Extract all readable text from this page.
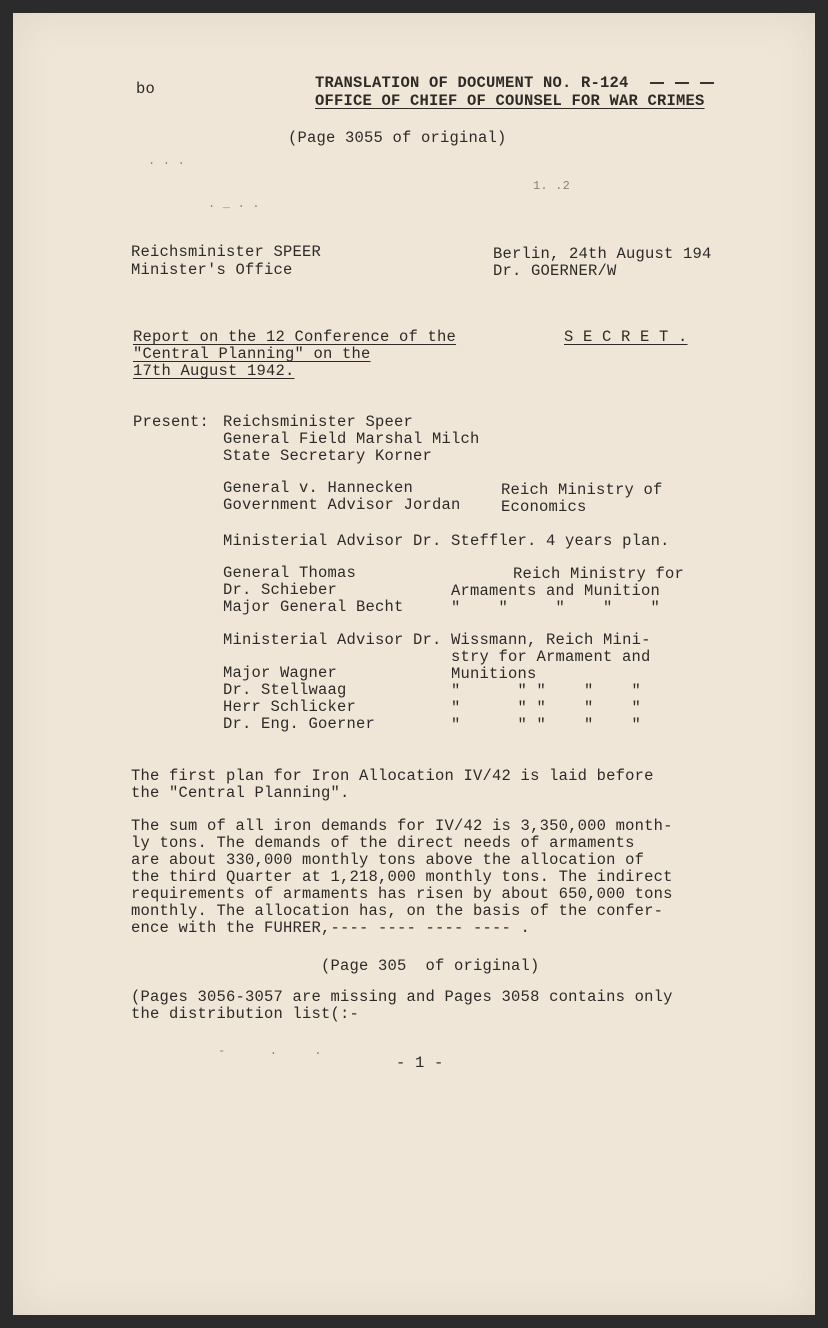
bo	TRANSLATION OF DOCUMENT NO. R-124
OFFICE OF CHIEF OF COUNSEL FOR WAR CRIMES
(Page 3055 of original)
. . .
1. .2
. _ . .
Reichsminister SPEER
Minister's Office
Berlin, 24th August 194
Dr. GOERNER/W
Report on the 12 Conference of the
"Central Planning" on the
17th August 1942.
S E C R E T .
Present: Reichsminister Speer
General Field Marshal Milch
State Secretary Korner
General v. Hannecken
Government Advisor Jordan
Reich Ministry of
Economics
Ministerial Advisor Dr. Steffler. 4 years plan.
General Thomas
Dr. Schieber
Major General Becht
Reich Ministry for
Armaments and Munition
"    "     "    "    "
Ministerial Advisor Dr. Wissmann, Reich Mini-
stry for Armament and
Munitions
Major Wagner
Dr. Stellwaag
Herr Schlicker
Dr. Eng. Goerner
"      " "    "    "
"      " "    "    "
"      " "    "    "
The first plan for Iron Allocation IV/42 is laid before
the "Central Planning".
The sum of all iron demands for IV/42 is 3,350,000 month-
ly tons. The demands of the direct needs of armaments
are about 330,000 monthly tons above the allocation of
the third Quarter at 1,218,000 monthly tons. The indirect
requirements of armaments has risen by about 650,000 tons
monthly. The allocation has, on the basis of the confer-
ence with the FUHRER,---- ---- ---- ---- .
(Page 305  of original)
(Pages 3056-3057 are missing and Pages 3058 contains only
the distribution list(:-
-      .     .
- 1 -
